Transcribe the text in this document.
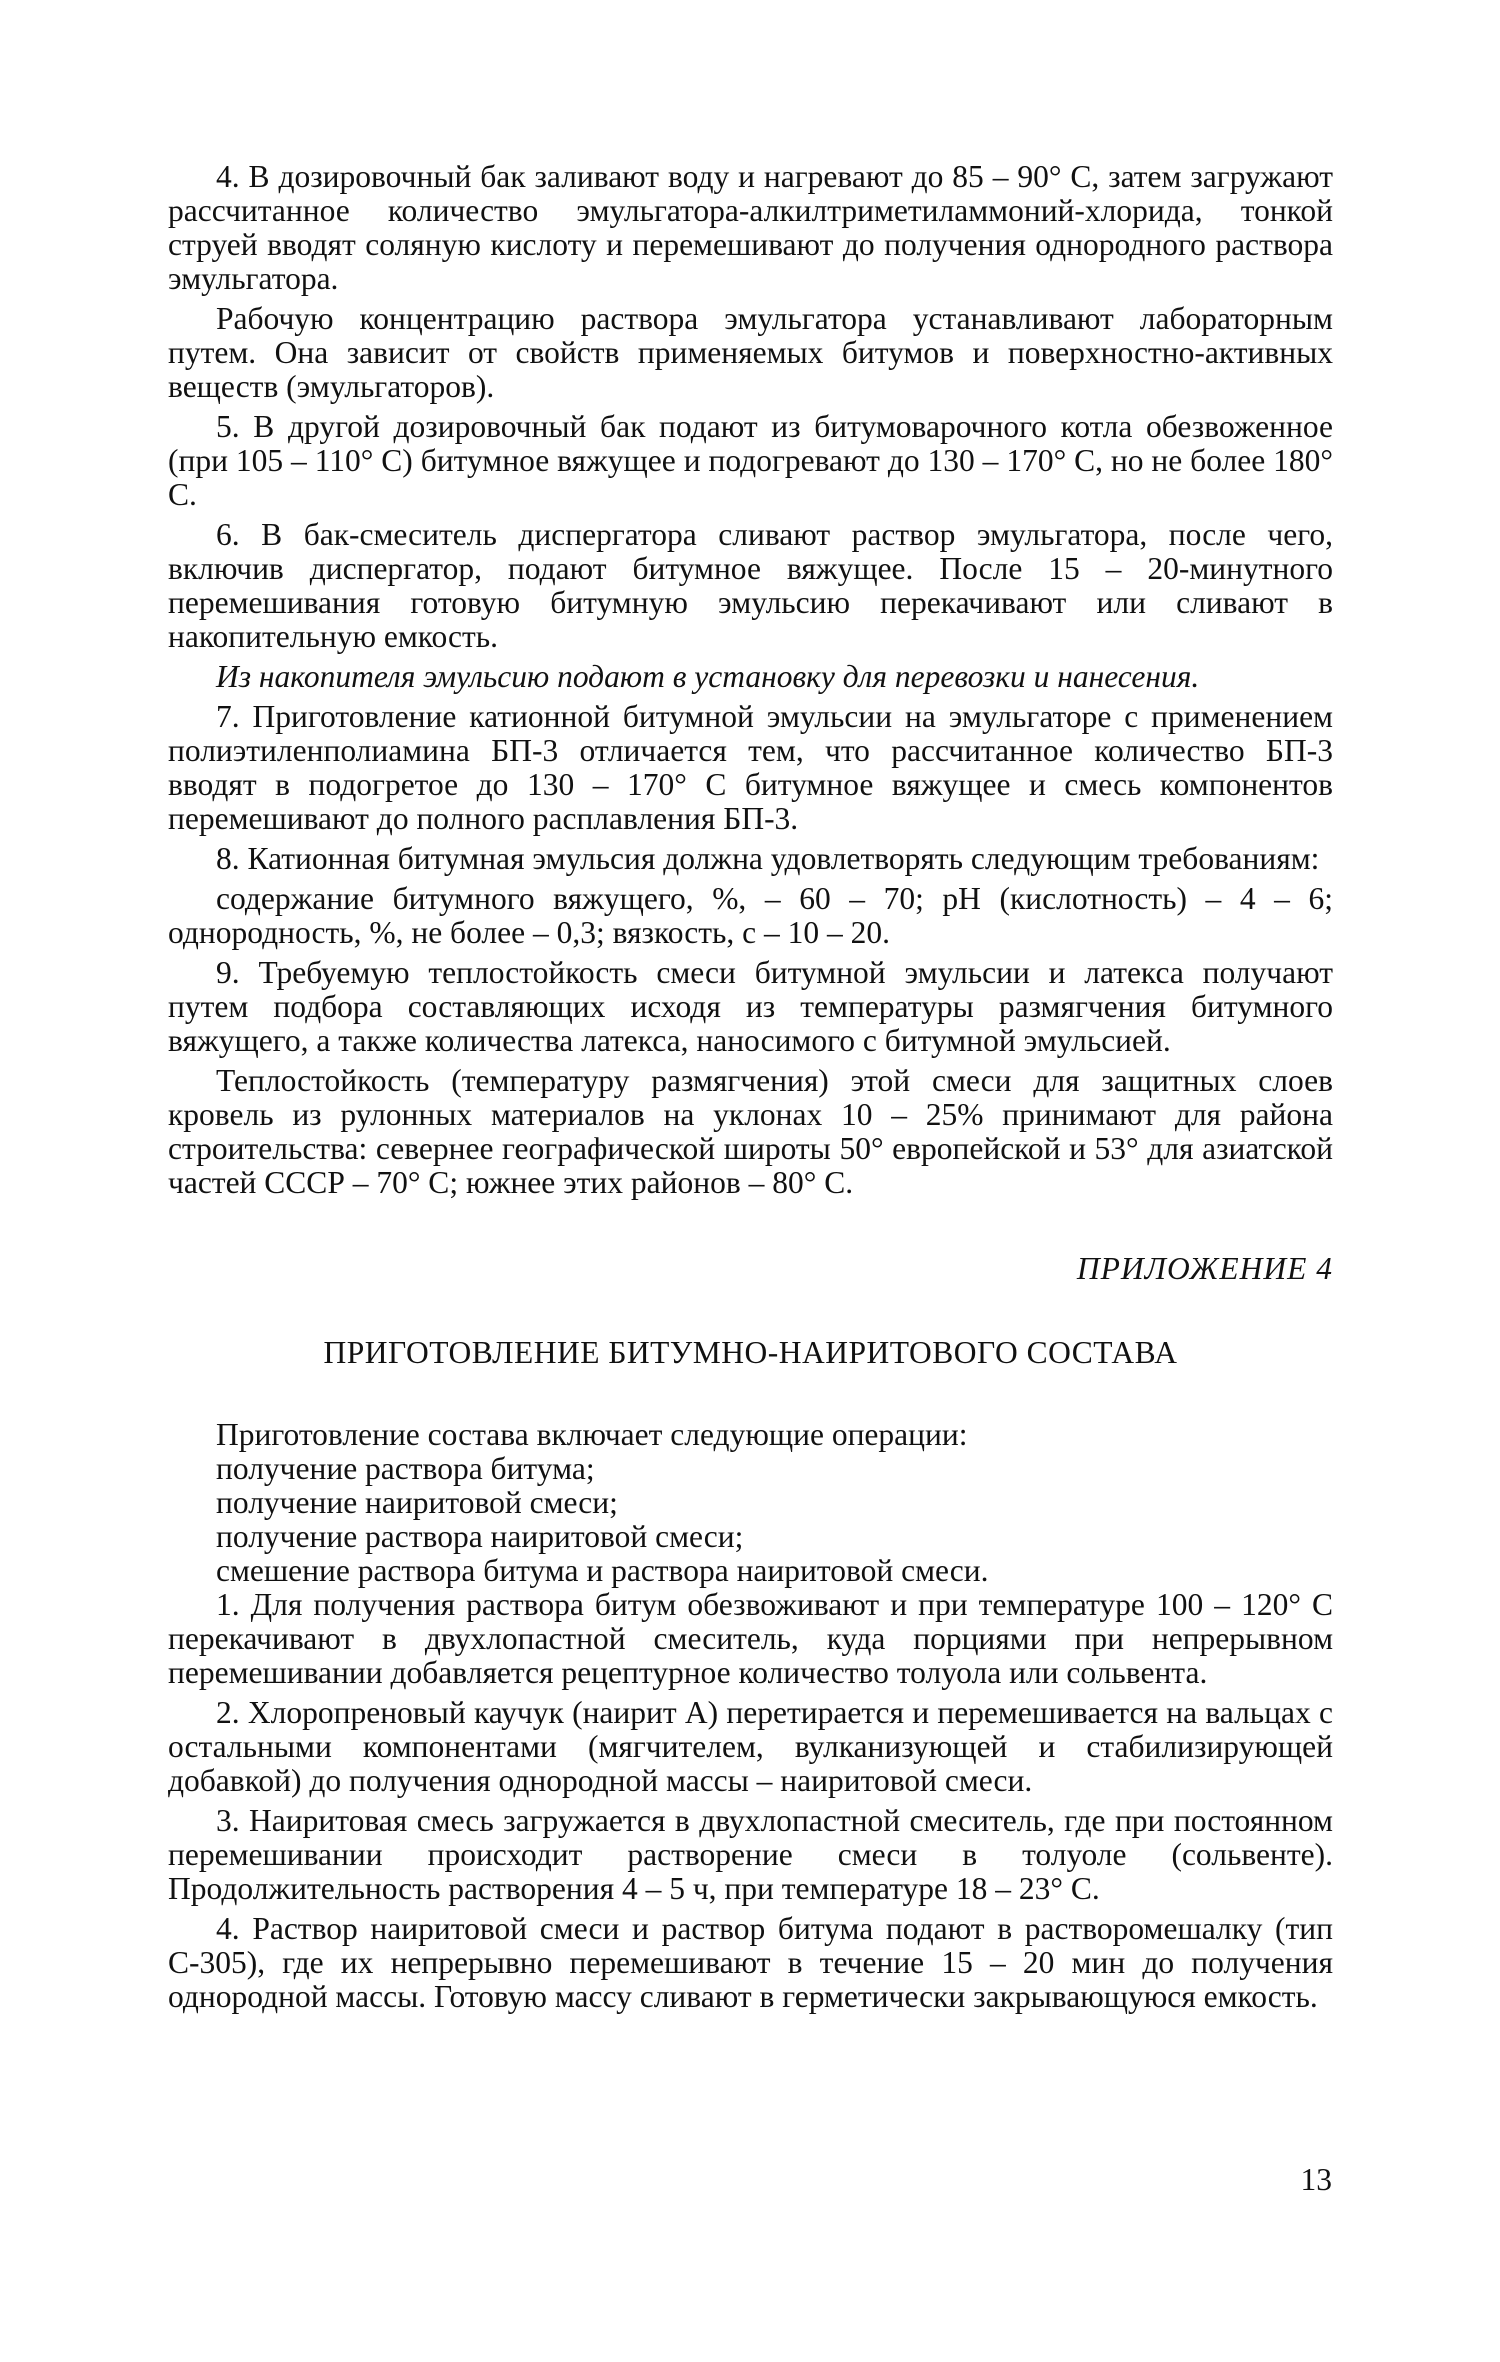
4. В дозировочный бак заливают воду и нагревают до 85 – 90° С, затем загружают рассчитанное количество эмульгатора-алкилтриметиламмоний-хлорида, тонкой струей вводят соляную кислоту и перемешивают до получения однородного раствора эмульгатора.

Рабочую концентрацию раствора эмульгатора устанавливают лабораторным путем. Она зависит от свойств применяемых битумов и поверхностно-активных веществ (эмульгаторов).

5. В другой дозировочный бак подают из битумоварочного котла обезвоженное (при 105 – 110° С) битумное вяжущее и подогревают до 130 – 170° С, но не более 180° С.

6. В бак-смеситель диспергатора сливают раствор эмульгатора, после чего, включив диспергатор, подают битумное вяжущее. После 15 – 20-минутного перемешивания готовую битумную эмульсию перекачивают или сливают в накопительную емкость.

Из накопителя эмульсию подают в установку для перевозки и нанесения.

7. Приготовление катионной битумной эмульсии на эмульгаторе с применением полиэтиленполиамина БП-3 отличается тем, что рассчитанное количество БП-3 вводят в подогретое до 130 – 170° С битумное вяжущее и смесь компонентов перемешивают до полного расплавления БП-3.

8. Катионная битумная эмульсия должна удовлетворять следующим требованиям:

содержание битумного вяжущего, %, – 60 – 70; pH (кислотность) – 4 – 6; однородность, %, не более – 0,3; вязкость, с – 10 – 20.

9. Требуемую теплостойкость смеси битумной эмульсии и латекса получают путем подбора составляющих исходя из температуры размягчения битумного вяжущего, а также количества латекса, наносимого с битумной эмульсией.

Теплостойкость (температуру размягчения) этой смеси для защитных слоев кровель из рулонных материалов на уклонах 10 – 25% принимают для района строительства: севернее географической широты 50° европейской и 53° для азиатской частей СССР – 70° С; южнее этих районов – 80° С.

ПРИЛОЖЕНИЕ 4

ПРИГОТОВЛЕНИЕ БИТУМНО-НАИРИТОВОГО СОСТАВА

Приготовление состава включает следующие операции:

получение раствора битума;

получение наиритовой смеси;

получение раствора наиритовой смеси;

смешение раствора битума и раствора наиритовой смеси.

1. Для получения раствора битум обезвоживают и при температуре 100 – 120° С перекачивают в двухлопастной смеситель, куда порциями при непрерывном перемешивании добавляется рецептурное количество толуола или сольвента.

2. Хлоропреновый каучук (наирит А) перетирается и перемешивается на вальцах с остальными компонентами (мягчителем, вулканизующей и стабилизирующей добавкой) до получения однородной массы – наиритовой смеси.

3. Наиритовая смесь загружается в двухлопастной смеситель, где при постоянном перемешивании происходит растворение смеси в толуоле (сольвенте). Продолжительность растворения 4 – 5 ч, при температуре 18 – 23° С.

4. Раствор наиритовой смеси и раствор битума подают в растворомешалку (тип С-305), где их непрерывно перемешивают в течение 15 – 20 мин до получения однородной массы. Готовую массу сливают в герметически закрывающуюся емкость.

13
